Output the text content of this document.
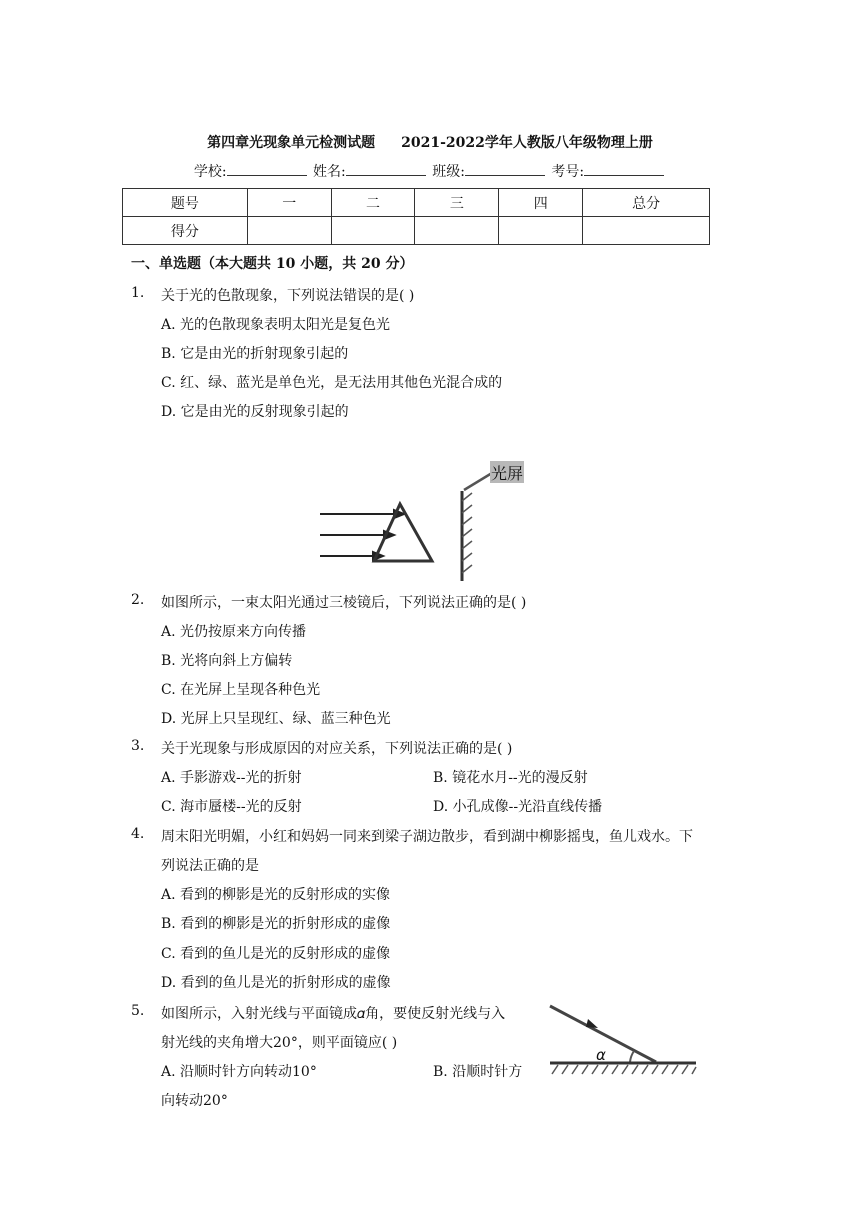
第四章光现象单元检测试题 2021-2022学年人教版八年级物理上册
学校:	姓名:	班级:	考号:
题号	一	二	三	四	总分
得分					
一、单选题（本大题共 10 小题，共 20 分）
1. 关于光的色散现象，下列说法错误的是( )
A. 光的色散现象表明太阳光是复色光
B. 它是由光的折射现象引起的
C. 红、绿、蓝光是单色光，是无法用其他色光混合成的
D. 它是由光的反射现象引起的
光屏
2. 如图所示，一束太阳光通过三棱镜后，下列说法正确的是( )
A. 光仍按原来方向传播
B. 光将向斜上方偏转
C. 在光屏上呈现各种色光
D. 光屏上只呈现红、绿、蓝三种色光
3. 关于光现象与形成原因的对应关系，下列说法正确的是( )
A. 手影游戏--光的折射	B. 镜花水月--光的漫反射
C. 海市蜃楼--光的反射	D. 小孔成像--光沿直线传播
4. 周末阳光明媚，小红和妈妈一同来到梁子湖边散步，看到湖中柳影摇曳，鱼儿戏水。下
列说法正确的是
A. 看到的柳影是光的反射形成的实像
B. 看到的柳影是光的折射形成的虚像
C. 看到的鱼儿是光的反射形成的虚像
D. 看到的鱼儿是光的折射形成的虚像
5. 如图所示，入射光线与平面镜成𝛼角，要使反射光线与入
射光线的夹角增大20°，则平面镜应( )
A. 沿顺时针方向转动10°	B. 沿顺时针方
向转动20°
α
